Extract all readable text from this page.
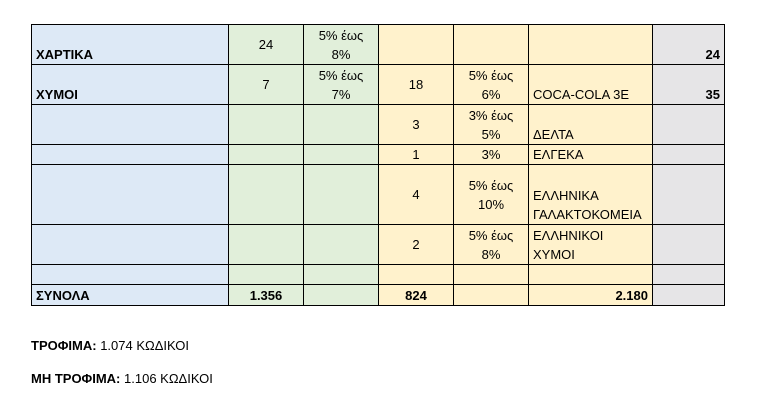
ΧΑΡΤΙΚΑ	24	5% έως 8%				24
ΧΥΜΟΙ	7	5% έως 7%	18	5% έως 6%	COCA-COLA 3E	35
			3	3% έως 5%	ΔΕΛΤΑ	
			1	3%	ΕΛΓΕΚΑ	
			4	5% έως 10%	ΕΛΛΗΝΙΚΑ ΓΑΛΑΚΤΟΚΟΜΕΙΑ	
			2	5% έως 8%	ΕΛΛΗΝΙΚΟΙ ΧΥΜΟΙ	

ΣΥΝΟΛΑ	1.356		824		2.180	
ΤΡΟΦΙΜΑ: 1.074 ΚΩΔΙΚΟΙ
ΜΗ ΤΡΟΦΙΜΑ: 1.106 ΚΩΔΙΚΟΙ
